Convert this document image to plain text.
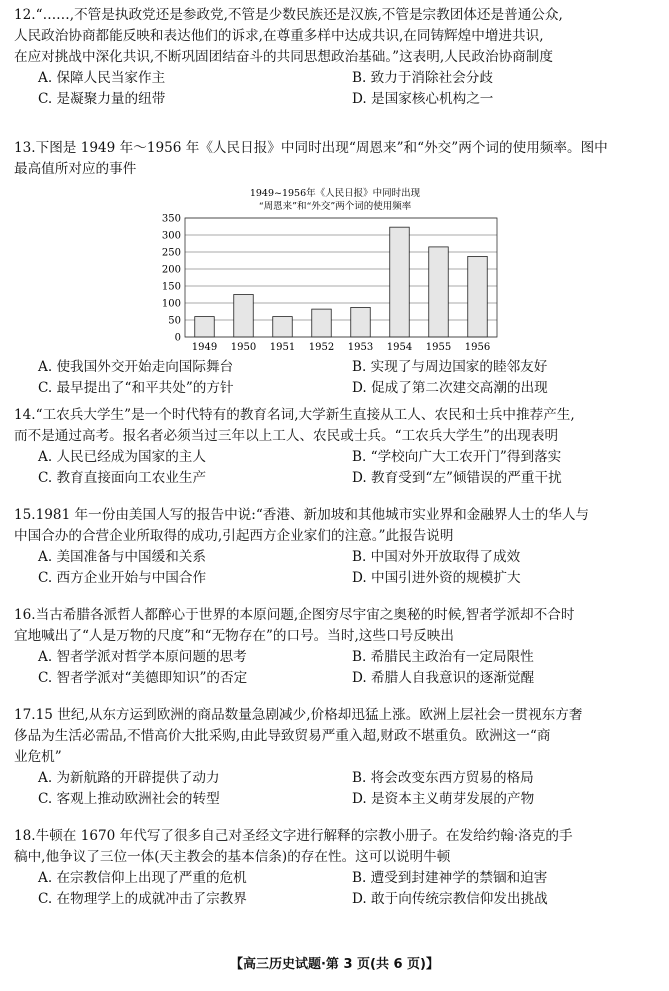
12.“……,不管是执政党还是参政党,不管是少数民族还是汉族,不管是宗教团体还是普通公众,
人民政治协商都能反映和表达他们的诉求,在尊重多样中达成共识,在同铸辉煌中增进共识,
在应对挑战中深化共识,不断巩固团结奋斗的共同思想政治基础。”这表明,人民政治协商制度
A. 保障人民当家作主	B. 致力于消除社会分歧
C. 是凝聚力量的纽带	D. 是国家核心机构之一
13.下图是 1949 年～1956 年《人民日报》中同时出现“周恩来”和“外交”两个词的使用频率。图中
最高值所对应的事件
1949~1956年《人民日报》中同时出现
“周恩来”和“外交”两个词的使用频率
0
50
100
150
200
250
300
350
1949 1950 1951 1952 1953 1954 1955 1956
A. 使我国外交开始走向国际舞台	B. 实现了与周边国家的睦邻友好
C. 最早提出了“和平共处”的方针	D. 促成了第二次建交高潮的出现
14.“工农兵大学生”是一个时代特有的教育名词,大学新生直接从工人、农民和士兵中推荐产生,
而不是通过高考。报名者必须当过三年以上工人、农民或士兵。“工农兵大学生”的出现表明
A. 人民已经成为国家的主人	B. “学校向广大工农开门”得到落实
C. 教育直接面向工农业生产	D. 教育受到“左”倾错误的严重干扰
15.1981 年一份由美国人写的报告中说:“香港、新加坡和其他城市实业界和金融界人士的华人与
中国合办的合营企业所取得的成功,引起西方企业家们的注意。”此报告说明
A. 美国准备与中国缓和关系	B. 中国对外开放取得了成效
C. 西方企业开始与中国合作	D. 中国引进外资的规模扩大
16.当古希腊各派哲人都醉心于世界的本原问题,企图穷尽宇宙之奥秘的时候,智者学派却不合时
宜地喊出了“人是万物的尺度”和“无物存在”的口号。当时,这些口号反映出
A. 智者学派对哲学本原问题的思考	B. 希腊民主政治有一定局限性
C. 智者学派对“美德即知识”的否定	D. 希腊人自我意识的逐渐觉醒
17.15 世纪,从东方运到欧洲的商品数量急剧减少,价格却迅猛上涨。欧洲上层社会一贯视东方奢
侈品为生活必需品,不惜高价大批采购,由此导致贸易严重入超,财政不堪重负。欧洲这一“商
业危机”
A. 为新航路的开辟提供了动力	B. 将会改变东西方贸易的格局
C. 客观上推动欧洲社会的转型	D. 是资本主义萌芽发展的产物
18.牛顿在 1670 年代写了很多自己对圣经文字进行解释的宗教小册子。在发给约翰·洛克的手
稿中,他争议了三位一体(天主教会的基本信条)的存在性。这可以说明牛顿
A. 在宗教信仰上出现了严重的危机	B. 遭受到封建神学的禁锢和迫害
C. 在物理学上的成就冲击了宗教界	D. 敢于向传统宗教信仰发出挑战
【高三历史试题·第 3 页(共 6 页)】
